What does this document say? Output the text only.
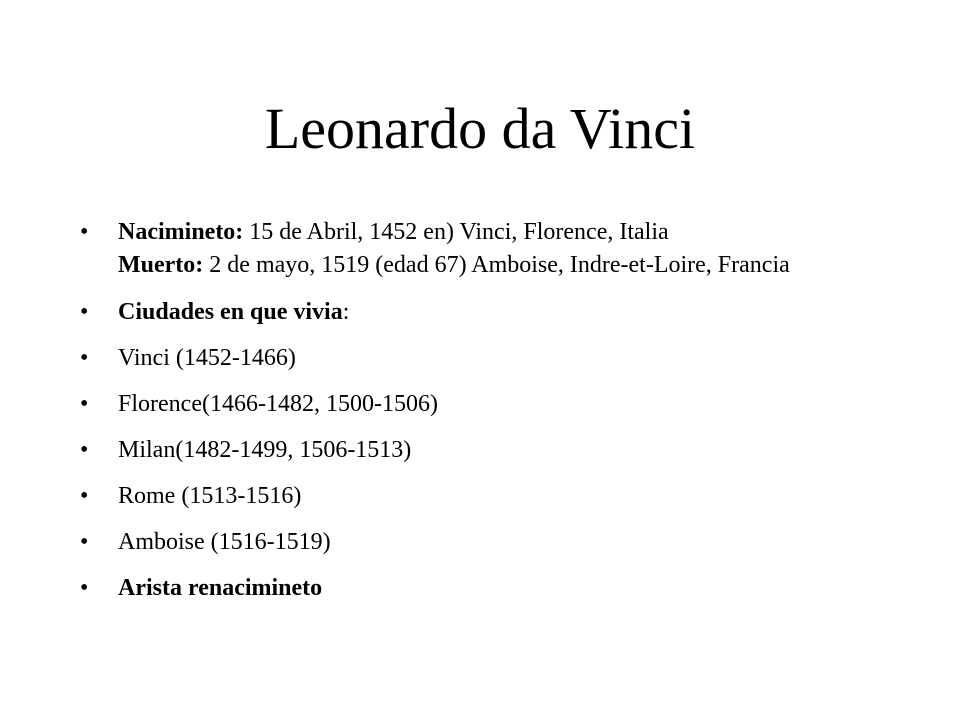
Leonardo da Vinci
• Nacimineto: 15 de Abril, 1452 en) Vinci, Florence, Italia
Muerto: 2 de mayo, 1519 (edad 67) Amboise, Indre-et-Loire, Francia
• Ciudades en que vivia:
• Vinci (1452-1466)
• Florence(1466-1482, 1500-1506)
• Milan(1482-1499, 1506-1513)
• Rome (1513-1516)
• Amboise (1516-1519)
• Arista renacimineto
